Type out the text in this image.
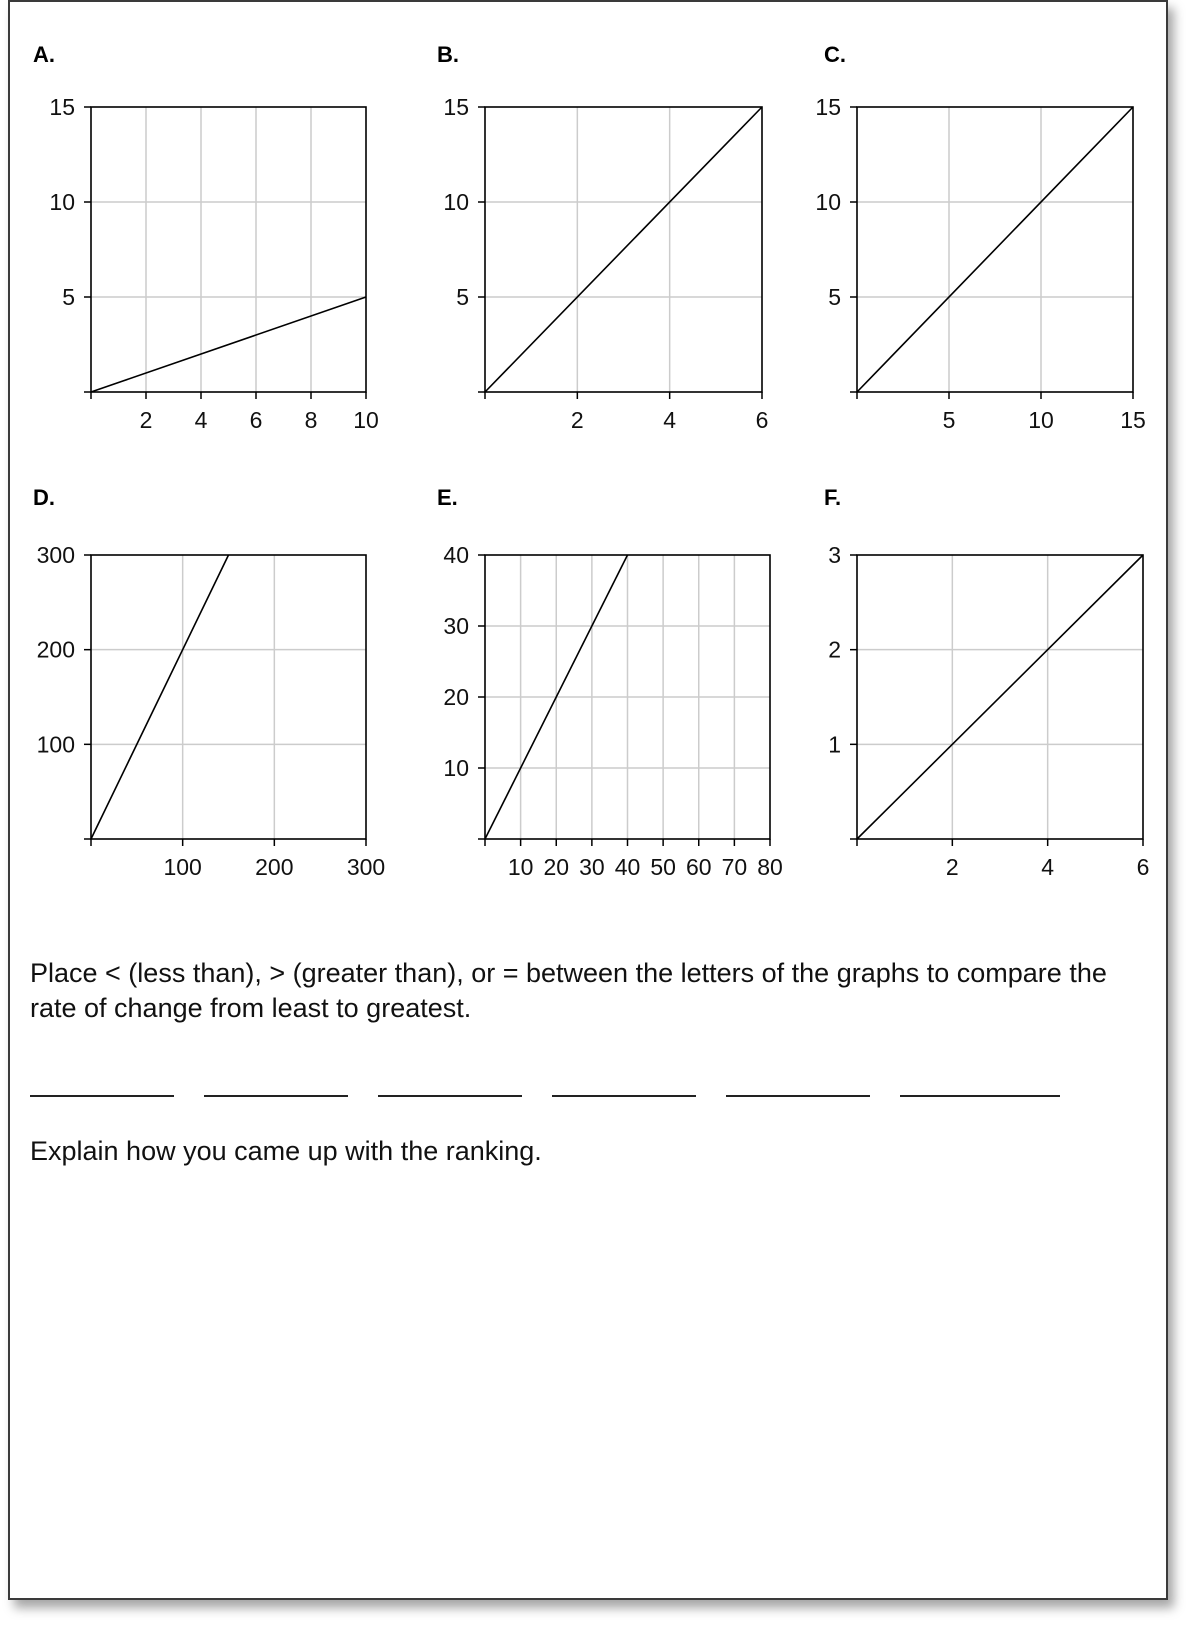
A.
2 4 6 8 10
5
10
15
B.
2	4	6
5
10
15
C.
5	10	15
5
10
15
D.
100 200 300
100
200
300
E.
10 20 30 40 50 60 70 80
10
20
30
40
F.
2	4	6
1
2
3

Place < (less than), > (greater than), or = between the letters of the graphs to compare the rate of change from least to greatest.

Explain how you came up with the ranking.
